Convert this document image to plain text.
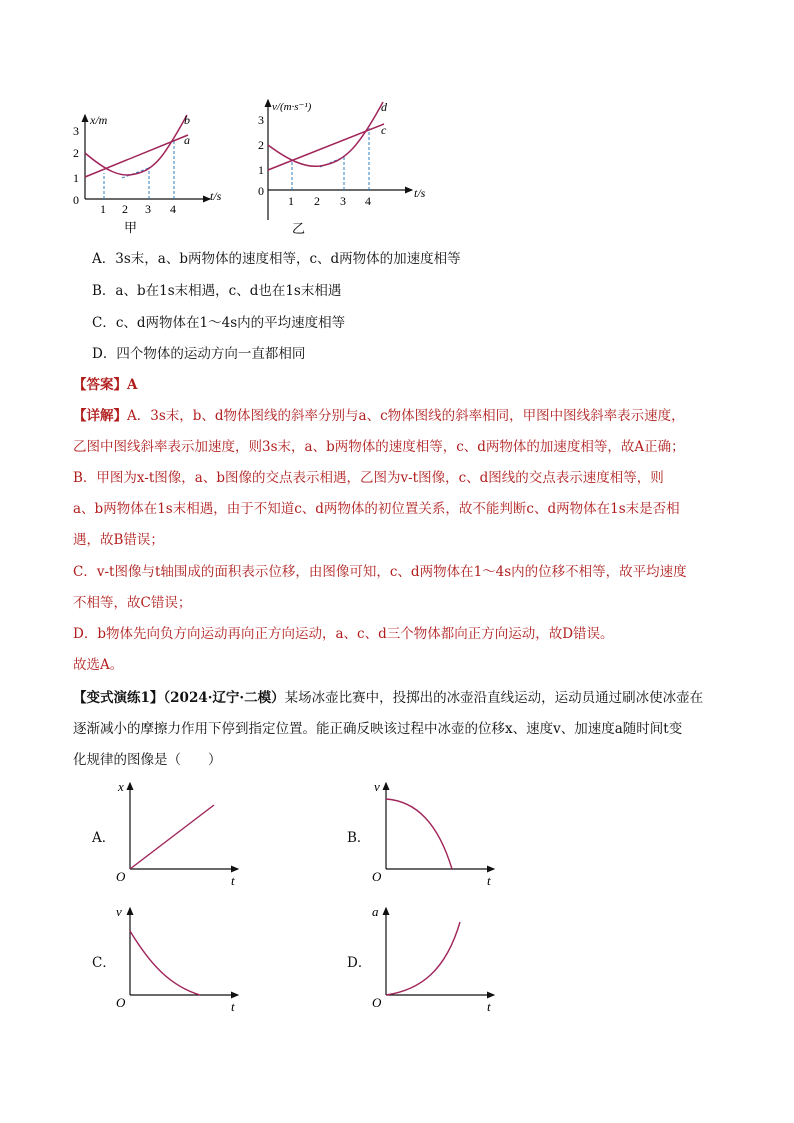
x/m
t/s
3
2
1
0
1 2 3 4
b
a
甲
v/(m·s⁻¹)
t/s
3
2
1
0
1 2 3 4
d
c
乙
A．3s末，a、b两物体的速度相等，c、d两物体的加速度相等
B．a、b在1s末相遇，c、d也在1s末相遇
C．c、d两物体在1～4s内的平均速度相等
D．四个物体的运动方向一直都相同
【答案】A
【详解】A．3s末，b、d物体图线的斜率分别与a、c物体图线的斜率相同，甲图中图线斜率表示速度，
乙图中图线斜率表示加速度，则3s末，a、b两物体的速度相等，c、d两物体的加速度相等，故A正确；
B．甲图为x-t图像，a、b图像的交点表示相遇，乙图为v-t图像，c、d图线的交点表示速度相等，则
a、b两物体在1s末相遇，由于不知道c、d两物体的初位置关系，故不能判断c、d两物体在1s末是否相
遇，故B错误；
C．v-t图像与t轴围成的面积表示位移，由图像可知，c、d两物体在1～4s内的位移不相等，故平均速度
不相等，故C错误；
D．b物体先向负方向运动再向正方向运动，a、c、d三个物体都向正方向运动，故D错误。
故选A。
【变式演练1】（2024·辽宁·二模）某场冰壶比赛中，投掷出的冰壶沿直线运动，运动员通过刷冰使冰壶在
逐渐减小的摩擦力作用下停到指定位置。能正确反映该过程中冰壶的位移x、速度v、加速度a随时间t变
化规律的图像是（　　）
A．
x
t
O
B．
v
t
O
C．
v
t
O
D．
a
t
O
